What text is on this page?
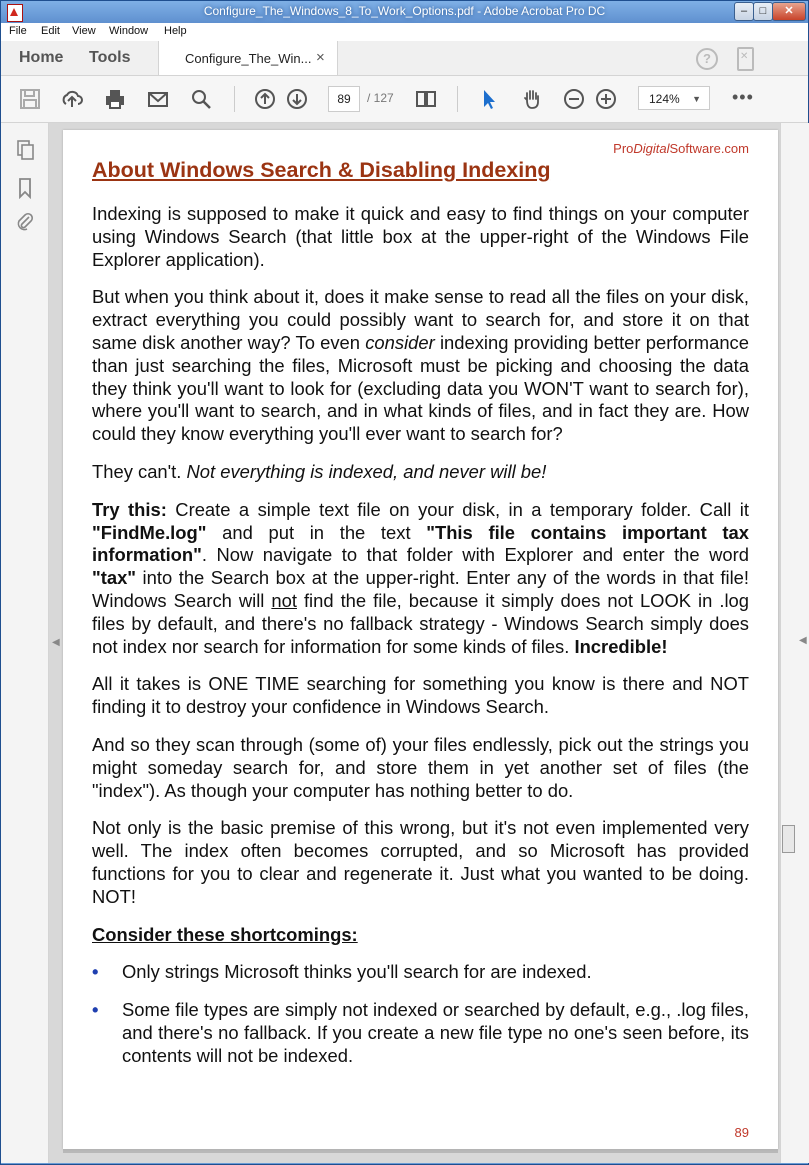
Configure_The_Windows_8_To_Work_Options.pdf - Adobe Acrobat Pro DC	–	□	✕
File Edit View Window Help
Home Tools	Configure_The_Win... ×	?
✕
89	/ 127	124% ▼ •••
◀	◀
ProDigitalSoftware.com
About Windows Search & Disabling Indexing

Indexing is supposed to make it quick and easy to find things on your computer using Windows Search (that little box at the upper-right of the Windows File Explorer application).

But when you think about it, does it make sense to read all the files on your disk, extract everything you could possibly want to search for, and store it on that same disk another way? To even consider indexing providing better performance than just searching the files, Microsoft must be picking and choosing the data they think you'll want to look for (excluding data you WON'T want to search for), where you'll want to search, and in what kinds of files, and in fact they are. How could they know everything you'll ever want to search for?

They can't. Not everything is indexed, and never will be!

Try this: Create a simple text file on your disk, in a temporary folder. Call it "FindMe.log" and put in the text "This file contains important tax information". Now navigate to that folder with Explorer and enter the word "tax" into the Search box at the upper-right. Enter any of the words in that file! Windows Search will not find the file, because it simply does not LOOK in .log files by default, and there's no fallback strategy - Windows Search simply does not index nor search for information for some kinds of files. Incredible!

All it takes is ONE TIME searching for something you know is there and NOT finding it to destroy your confidence in Windows Search.

And so they scan through (some of) your files endlessly, pick out the strings you might someday search for, and store them in yet another set of files (the "index"). As though your computer has nothing better to do.

Not only is the basic premise of this wrong, but it's not even implemented very well. The index often becomes corrupted, and so Microsoft has provided functions for you to clear and regenerate it. Just what you wanted to be doing. NOT!

Consider these shortcomings:

• Only strings Microsoft thinks you'll search for are indexed.
• Some file types are simply not indexed or searched by default, e.g., .log files, and there's no fallback. If you create a new file type no one's seen before, its contents will not be indexed.
89
